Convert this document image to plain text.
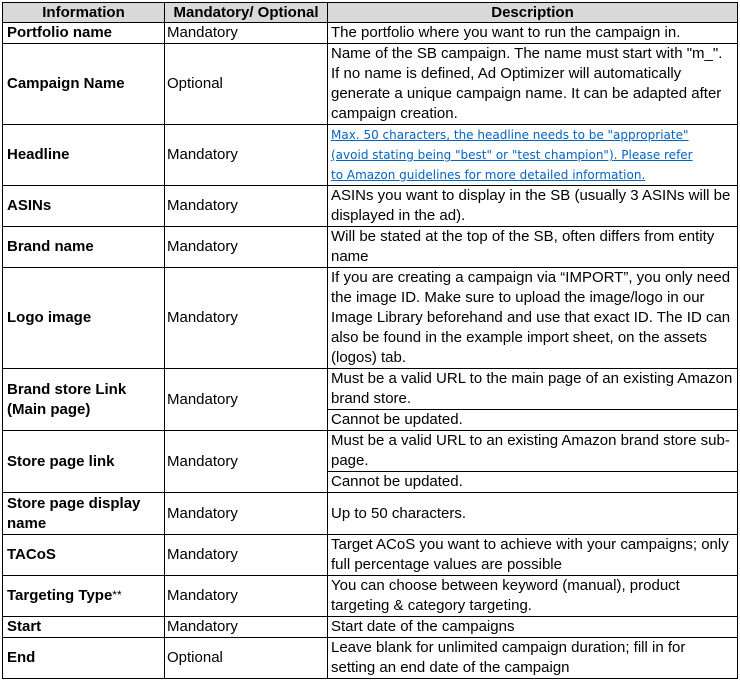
Information	Mandatory/ Optional	Description
Portfolio name	Mandatory	The portfolio where you want to run the campaign in.
Campaign Name	Optional	Name of the SB campaign. The name must start with "m_". If no name is defined, Ad Optimizer will automatically generate a unique campaign name. It can be adapted after campaign creation.
Headline	Mandatory	Max. 50 characters, the headline needs to be "appropriate"
(avoid stating being "best" or "test champion"). Please refer
to Amazon guidelines for more detailed information.
ASINs	Mandatory	ASINs you want to display in the SB (usually 3 ASINs will be displayed in the ad).
Brand name	Mandatory	Will be stated at the top of the SB, often differs from entity name
Logo image	Mandatory	If you are creating a campaign via “IMPORT”, you only need the image ID. Make sure to upload the image/logo in our Image Library beforehand and use that exact ID. The ID can also be found in the example import sheet, on the assets (logos) tab.
Brand store Link (Main page)	Mandatory	Must be a valid URL to the main page of an existing Amazon brand store.
		Cannot be updated.
Store page link	Mandatory	Must be a valid URL to an existing Amazon brand store sub-page.
		Cannot be updated.
Store page display name	Mandatory	Up to 50 characters.
TACoS	Mandatory	Target ACoS you want to achieve with your campaigns; only full percentage values are possible
Targeting Type**	Mandatory	You can choose between keyword (manual), product targeting & category targeting.
Start	Mandatory	Start date of the campaigns
End	Optional	Leave blank for unlimited campaign duration; fill in for setting an end date of the campaign
